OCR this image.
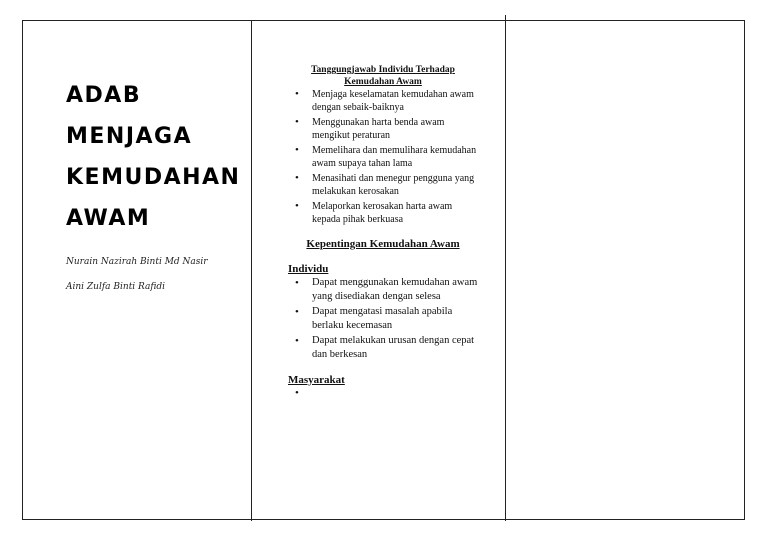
ADAB MENJAGA
KEMUDAHAN
AWAM
Nurain Nazirah Binti Md Nasir
Aini Zulfa Binti Rafidi

Tanggungjawab Individu Terhadap Kemudahan Awam

• Menjaga keselamatan kemudahan awam dengan sebaik-baiknya
• Menggunakan harta benda awam mengikut peraturan
• Memelihara dan memulihara kemudahan awam supaya tahan lama
• Menasihati dan menegur pengguna yang melakukan kerosakan
• Melaporkan kerosakan harta awam kepada pihak berkuasa

Kepentingan Kemudahan Awam

Individu

• Dapat menggunakan kemudahan awam yang disediakan dengan selesa
• Dapat mengatasi masalah apabila berlaku kecemasan
• Dapat melakukan urusan dengan cepat dan berkesan

Masyarakat

•
